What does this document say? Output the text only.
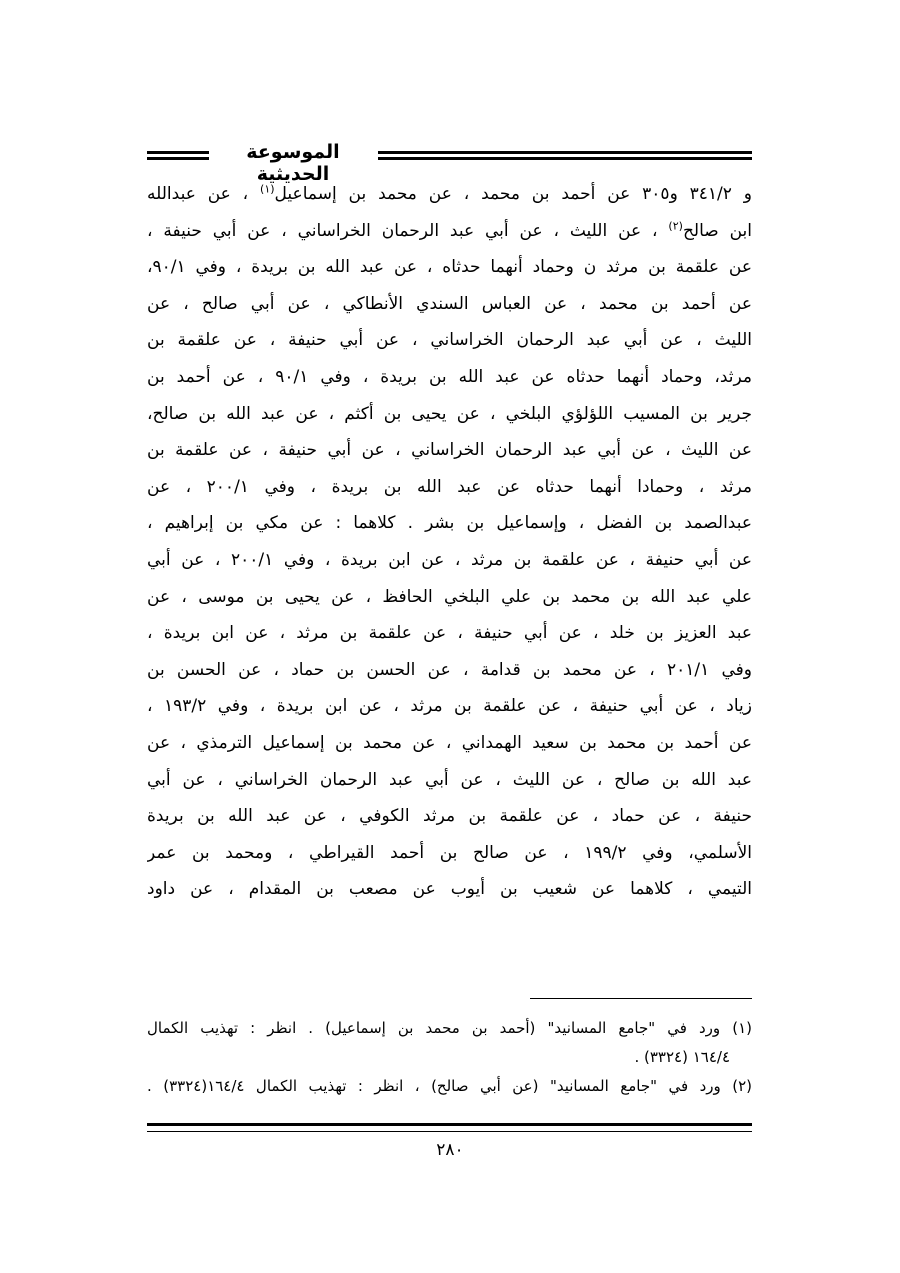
الموسوعة الحديثية
و ٣٤١/٢ و٣٠٥ عن أحمد بن محمد ، عن محمد بن إسماعيل$^{(١)}$ ، عن عبدالله
ابن صالح$^{(٢)}$ ، عن الليث ، عن أبي عبد الرحمان الخراساني ، عن أبي حنيفة ،
عن علقمة بن مرثد ن وحماد أنهما حدثاه ، عن عبد الله بن بريدة ، وفي ٩٠/١،
عن أحمد بن محمد ، عن العباس السندي الأنطاكي ، عن أبي صالح ، عن
الليث ، عن أبي عبد الرحمان الخراساني ، عن أبي حنيفة ، عن علقمة بن
مرثد، وحماد أنهما حدثاه عن عبد الله بن بريدة ، وفي ٩٠/١ ، عن أحمد بن
جرير بن المسيب اللؤلؤي البلخي ، عن يحيى بن أكثم ، عن عبد الله بن صالح،
عن الليث ، عن أبي عبد الرحمان الخراساني ، عن أبي حنيفة ، عن علقمة بن
مرثد ، وحمادا أنهما حدثاه عن عبد الله بن بريدة ، وفي ٢٠٠/١ ، عن
عبدالصمد بن الفضل ، وإسماعيل بن بشر . كلاهما : عن مكي بن إبراهيم ،
عن أبي حنيفة ، عن علقمة بن مرثد ، عن ابن بريدة ، وفي ٢٠٠/١ ، عن أبي
علي عبد الله بن محمد بن علي البلخي الحافظ ، عن يحيى بن موسى ، عن
عبد العزيز بن خلد ، عن أبي حنيفة ، عن علقمة بن مرثد ، عن ابن بريدة ،
وفي ٢٠١/١ ، عن محمد بن قدامة ، عن الحسن بن حماد ، عن الحسن بن
زياد ، عن أبي حنيفة ، عن علقمة بن مرثد ، عن ابن بريدة ، وفي ١٩٣/٢ ،
عن أحمد بن محمد بن سعيد الهمداني ، عن محمد بن إسماعيل الترمذي ، عن
عبد الله بن صالح ، عن الليث ، عن أبي عبد الرحمان الخراساني ، عن أبي
حنيفة ، عن حماد ، عن علقمة بن مرثد الكوفي ، عن عبد الله بن بريدة
الأسلمي، وفي ١٩٩/٢ ، عن صالح بن أحمد القيراطي ، ومحمد بن عمر
التيمي ، كلاهما عن شعيب بن أيوب عن مصعب بن المقدام ، عن داود
(١) ورد في "جامع المسانيد" (أحمد بن محمد بن إسماعيل) . انظر : تهذيب الكمال
١٦٤/٤ (٣٣٢٤) .
(٢) ورد في "جامع المسانيد" (عن أبي صالح) ، انظر : تهذيب الكمال ١٦٤/٤(٣٣٢٤) .
٢٨٠
